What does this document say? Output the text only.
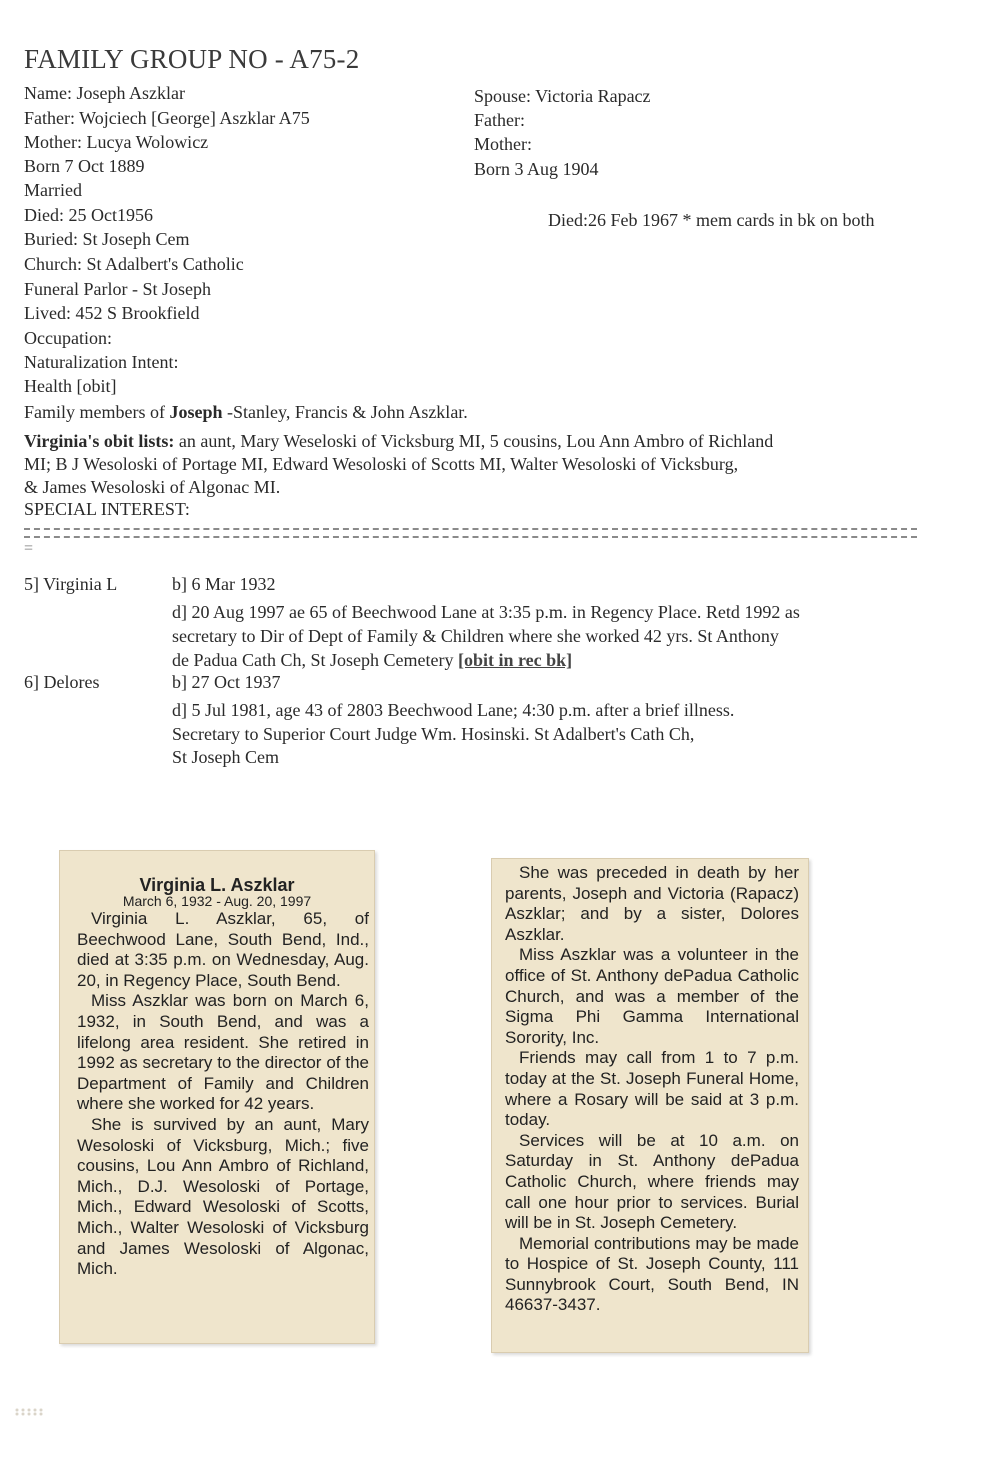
FAMILY GROUP NO - A75-2
Name: Joseph Aszklar
Father: Wojciech [George] Aszklar A75
Mother: Lucya Wolowicz
Born 7 Oct 1889
Married
Died: 25 Oct1956
Buried: St Joseph Cem
Church: St Adalbert's Catholic
Funeral Parlor - St Joseph
Lived: 452 S Brookfield
Occupation:
Naturalization Intent:
Health [obit]
Spouse: Victoria Rapacz
Father:
Mother:
Born 3 Aug 1904
Died:26 Feb 1967 * mem cards in bk on both
Family members of Joseph -Stanley, Francis & John Aszklar.
Virginia's obit lists: an aunt, Mary Weseloski of Vicksburg MI, 5 cousins, Lou Ann Ambro of Richland
MI; B J Wesoloski of Portage MI, Edward Wesoloski of Scotts MI, Walter Wesoloski of Vicksburg,
& James Wesoloski of Algonac MI.
SPECIAL INTEREST:
=
5] Virginia L	b] 6 Mar 1932
d] 20 Aug 1997 ae 65 of Beechwood Lane at 3:35 p.m. in Regency Place. Retd 1992 as
secretary to Dir of Dept of Family & Children where she worked 42 yrs. St Anthony
de Padua Cath Ch, St Joseph Cemetery [obit in rec bk]
6] Delores	b] 27 Oct 1937
d] 5 Jul 1981, age 43 of 2803 Beechwood Lane; 4:30 p.m. after a brief illness.
Secretary to Superior Court Judge Wm. Hosinski. St Adalbert's Cath Ch,
St Joseph Cem
Virginia L. Aszklar
March 6, 1932 - Aug. 20, 1997

Virginia L. Aszklar, 65, of Beechwood Lane, South Bend, Ind., died at 3:35 p.m. on Wednesday, Aug. 20, in Regency Place, South Bend.

Miss Aszklar was born on March 6, 1932, in South Bend, and was a lifelong area resident. She retired in 1992 as secretary to the director of the Department of Family and Children where she worked for 42 years.

She is survived by an aunt, Mary Wesoloski of Vicksburg, Mich.; five cousins, Lou Ann Ambro of Richland, Mich., D.J. Wesoloski of Portage, Mich., Edward Wesoloski of Scotts, Mich., Walter Wesoloski of Vicksburg and James Wesoloski of Algonac, Mich.

She was preceded in death by her parents, Joseph and Victoria (Rapacz) Aszklar; and by a sister, Dolores Aszklar.

Miss Aszklar was a volunteer in the office of St. Anthony dePadua Catholic Church, and was a member of the Sigma Phi Gamma International Sorority, Inc.

Friends may call from 1 to 7 p.m. today at the St. Joseph Funeral Home, where a Rosary will be said at 3 p.m. today.

Services will be at 10 a.m. on Saturday in St. Anthony dePadua Catholic Church, where friends may call one hour prior to services. Burial will be in St. Joseph Cemetery.

Memorial contributions may be made to Hospice of St. Joseph County, 111 Sunnybrook Court, South Bend, IN 46637-3437.
